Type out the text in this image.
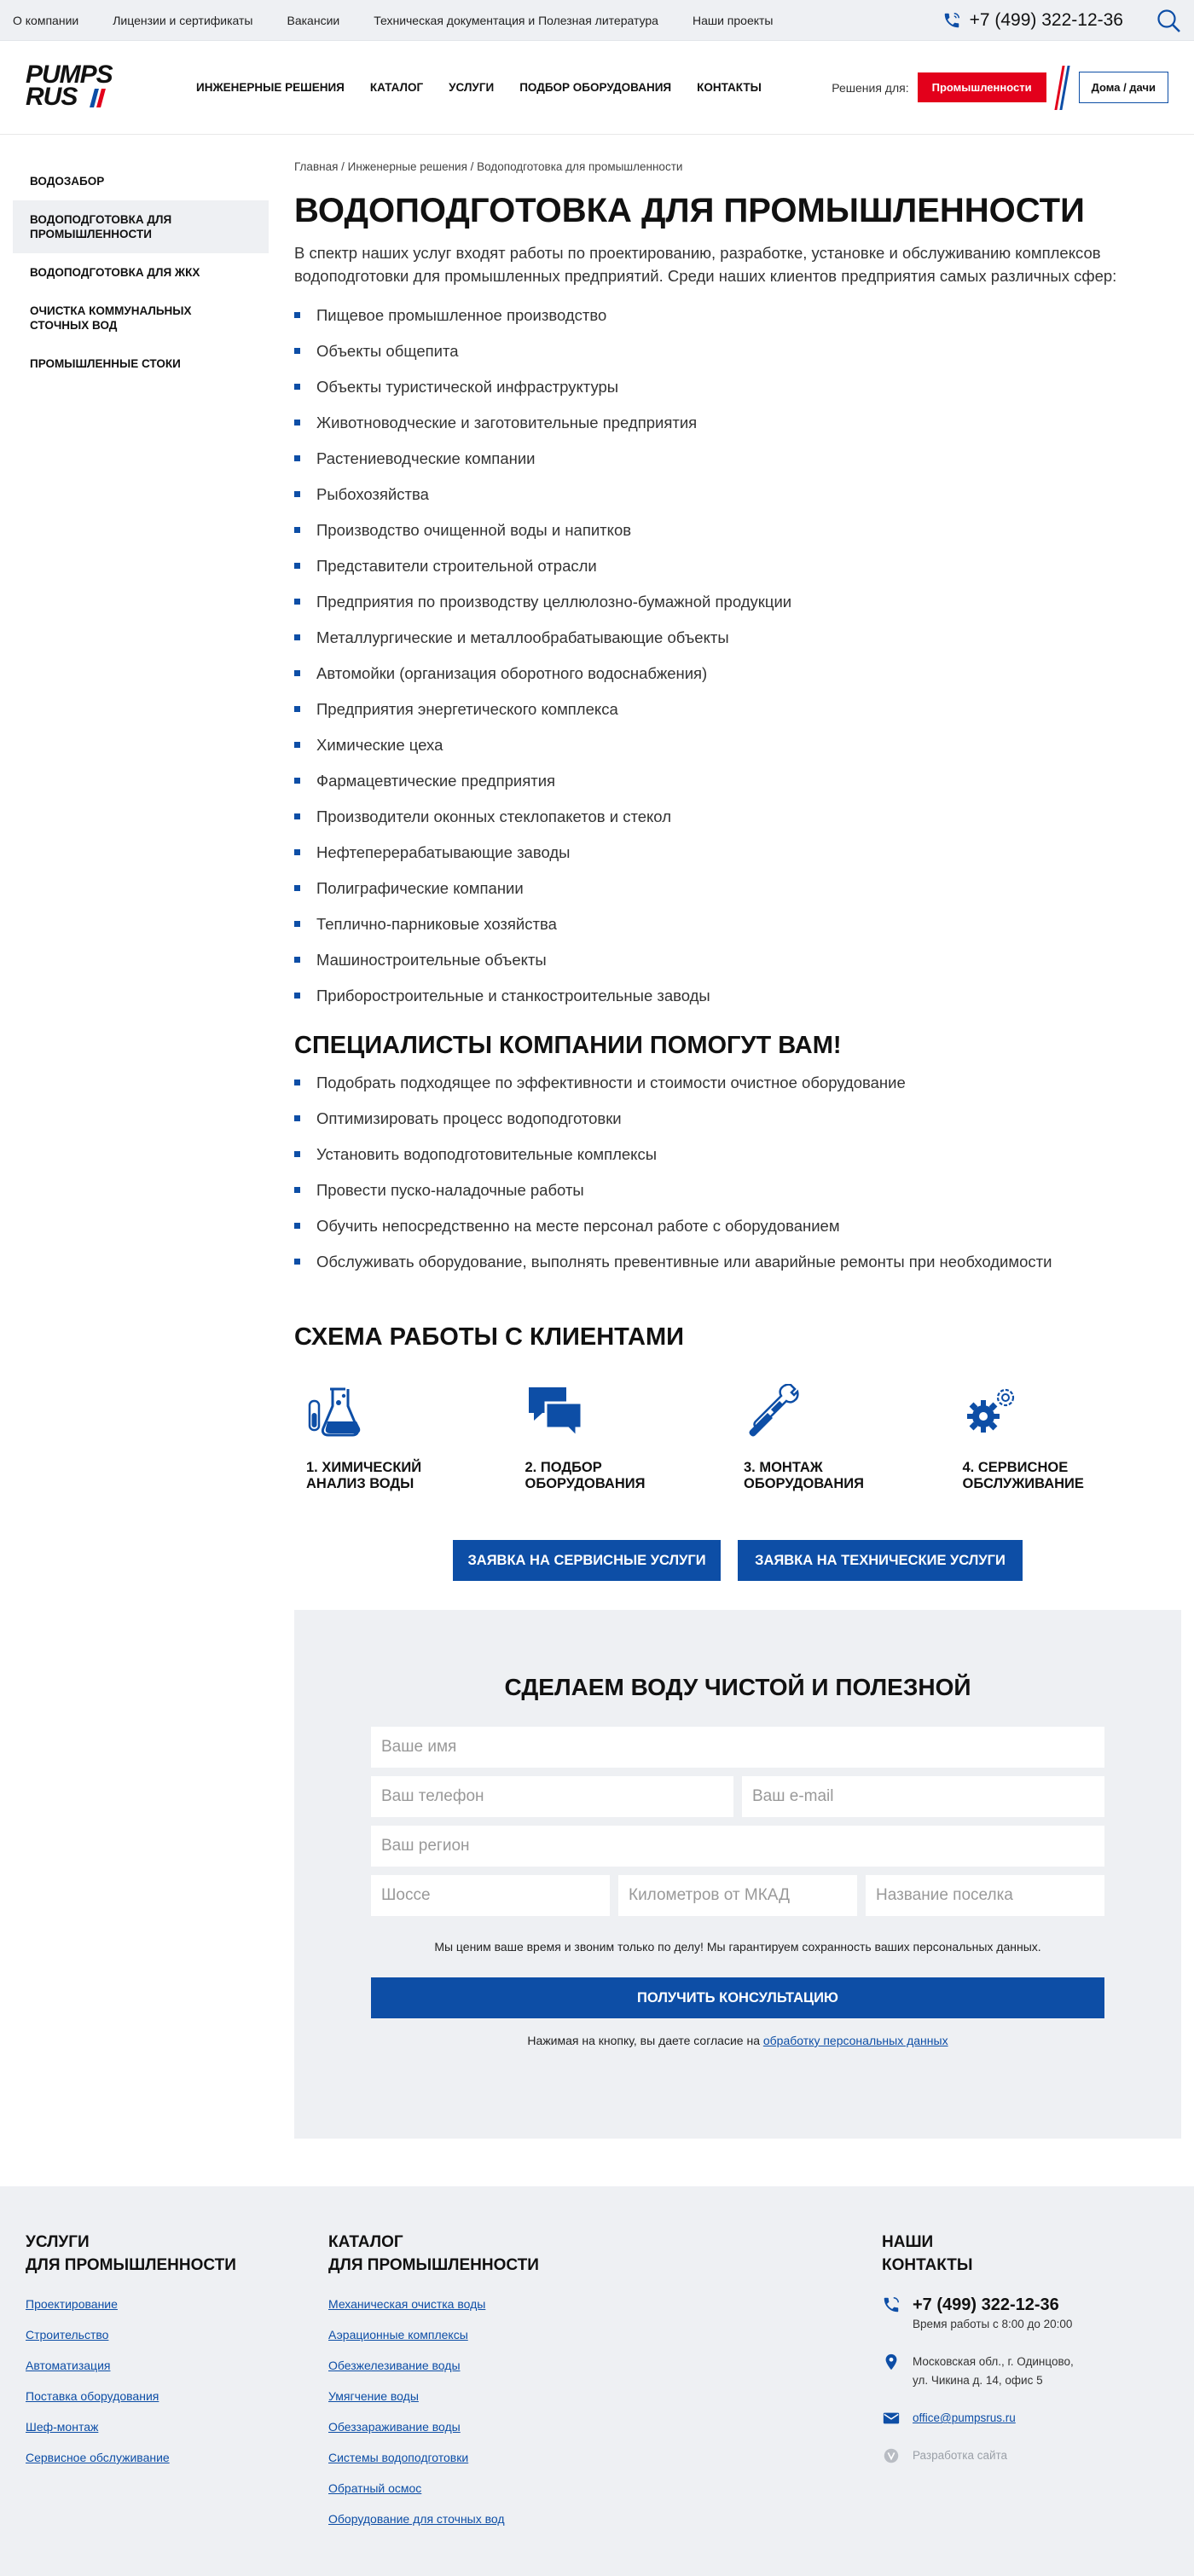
О компании	Лицензии и сертификаты	Вакансии	Техническая документация и Полезная литература	Наши проекты	+7 (499) 322-12-36
PUMPS
RUS	ИНЖЕНЕРНЫЕ РЕШЕНИЯ КАТАЛОГ УСЛУГИ ПОДБОР ОБОРУДОВАНИЯ КОНТАКТЫ	Решения для:	Промышленности	Дома / дачи
ВОДОЗАБОР
ВОДОПОДГОТОВКА ДЛЯ ПРОМЫШЛЕННОСТИ
ВОДОПОДГОТОВКА ДЛЯ ЖКХ
ОЧИСТКА КОММУНАЛЬНЫХ СТОЧНЫХ ВОД
ПРОМЫШЛЕННЫЕ СТОКИ
Главная / Инженерные решения / Водоподготовка для промышленности
ВОДОПОДГОТОВКА ДЛЯ ПРОМЫШЛЕННОСТИ

В спектр наших услуг входят работы по проектированию, разработке, установке и обслуживанию комплексов водоподготовки для промышленных предприятий. Среди наших клиентов предприятия самых различных сфер:

Пищевое промышленное производство
Объекты общепита
Объекты туристической инфраструктуры
Животноводческие и заготовительные предприятия
Растениеводческие компании
Рыбохозяйства
Производство очищенной воды и напитков
Представители строительной отрасли
Предприятия по производству целлюлозно-бумажной продукции
Металлургические и металлообрабатывающие объекты
Автомойки (организация оборотного водоснабжения)
Предприятия энергетического комплекса
Химические цеха
Фармацевтические предприятия
Производители оконных стеклопакетов и стекол
Нефтеперерабатывающие заводы
Полиграфические компании
Теплично-парниковые хозяйства
Машиностроительные объекты
Приборостроительные и станкостроительные заводы
СПЕЦИАЛИСТЫ КОМПАНИИ ПОМОГУТ ВАМ!
Подобрать подходящее по эффективности и стоимости очистное оборудование
Оптимизировать процесс водоподготовки
Установить водоподготовительные комплексы
Провести пуско-наладочные работы
Обучить непосредственно на месте персонал работе с оборудованием
Обслуживать оборудование, выполнять превентивные или аварийные ремонты при необходимости
СХЕМА РАБОТЫ С КЛИЕНТАМИ
1. ХИМИЧЕСКИЙ
АНАЛИЗ ВОДЫ
2. ПОДБОР
ОБОРУДОВАНИЯ
3. МОНТАЖ
ОБОРУДОВАНИЯ
4. СЕРВИСНОЕ
ОБСЛУЖИВАНИЕ
ЗАЯВКА НА СЕРВИСНЫЕ УСЛУГИ	ЗАЯВКА НА ТЕХНИЧЕСКИЕ УСЛУГИ
СДЕЛАЕМ ВОДУ ЧИСТОЙ И ПОЛЕЗНОЙ
Ваше имя
Ваш телефон	Ваш e-mail
Ваш регион
Шоссе	Километров от МКАД	Название поселка

Мы ценим ваше время и звоним только по делу! Мы гарантируем сохранность ваших персональных данных.

ПОЛУЧИТЬ КОНСУЛЬТАЦИЮ

Нажимая на кнопку, вы даете согласие на обработку персональных данных

УСЛУГИ
ДЛЯ ПРОМЫШЛЕННОСТИ
Проектирование
Строительство
Автоматизация
Поставка оборудования
Шеф-монтаж
Сервисное обслуживание
КАТАЛОГ
ДЛЯ ПРОМЫШЛЕННОСТИ
Механическая очистка воды
Аэрационные комплексы
Обезжелезивание воды
Умягчение воды
Обеззараживание воды
Системы водоподготовки
Обратный осмос
Оборудование для сточных вод
НАШИ
КОНТАКТЫ
+7 (499) 322-12-36
Время работы с 8:00 до 20:00
Московская обл., г. Одинцово,
ул. Чикина д. 14, офис 5
office@pumpsrus.ru
Разработка сайта
